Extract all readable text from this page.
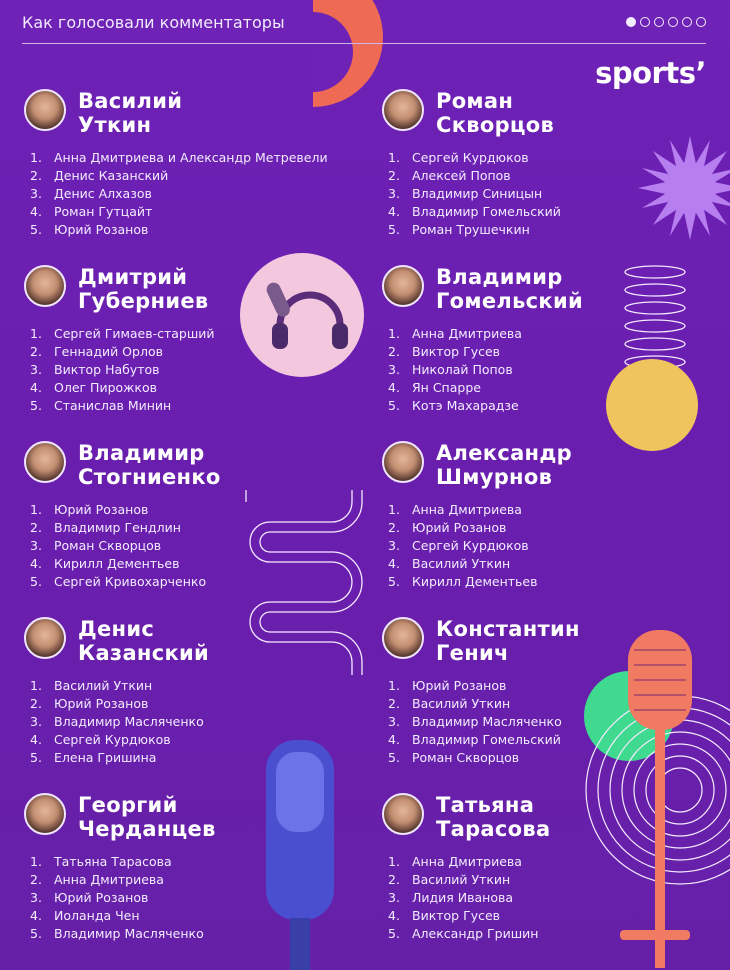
Как голосовали комментаторы
sports’
Василий
Уткин
1. Анна Дмитриева и Александр Метревели
2. Денис Казанский
3. Денис Алхазов
4. Роман Гутцайт
5. Юрий Розанов
Роман
Скворцов
1. Сергей Курдюков
2. Алексей Попов
3. Владимир Синицын
4. Владимир Гомельский
5. Роман Трушечкин
Дмитрий
Губерниев
1. Сергей Гимаев-старший
2. Геннадий Орлов
3. Виктор Набутов
4. Олег Пирожков
5. Станислав Минин
Владимир
Гомельский
1. Анна Дмитриева
2. Виктор Гусев
3. Николай Попов
4. Ян Спарре
5. Котэ Махарадзе
Владимир
Стогниенко
1. Юрий Розанов
2. Владимир Гендлин
3. Роман Скворцов
4. Кирилл Дементьев
5. Сергей Кривохарченко
Александр
Шмурнов
1. Анна Дмитриева
2. Юрий Розанов
3. Сергей Курдюков
4. Василий Уткин
5. Кирилл Дементьев
Денис
Казанский
1. Василий Уткин
2. Юрий Розанов
3. Владимир Масляченко
4. Сергей Курдюков
5. Елена Гришина
Константин
Генич
1. Юрий Розанов
2. Василий Уткин
3. Владимир Масляченко
4. Владимир Гомельский
5. Роман Скворцов
Георгий
Черданцев
1. Татьяна Тарасова
2. Анна Дмитриева
3. Юрий Розанов
4. Иоланда Чен
5. Владимир Масляченко
Татьяна
Тарасова
1. Анна Дмитриева
2. Василий Уткин
3. Лидия Иванова
4. Виктор Гусев
5. Александр Гришин
